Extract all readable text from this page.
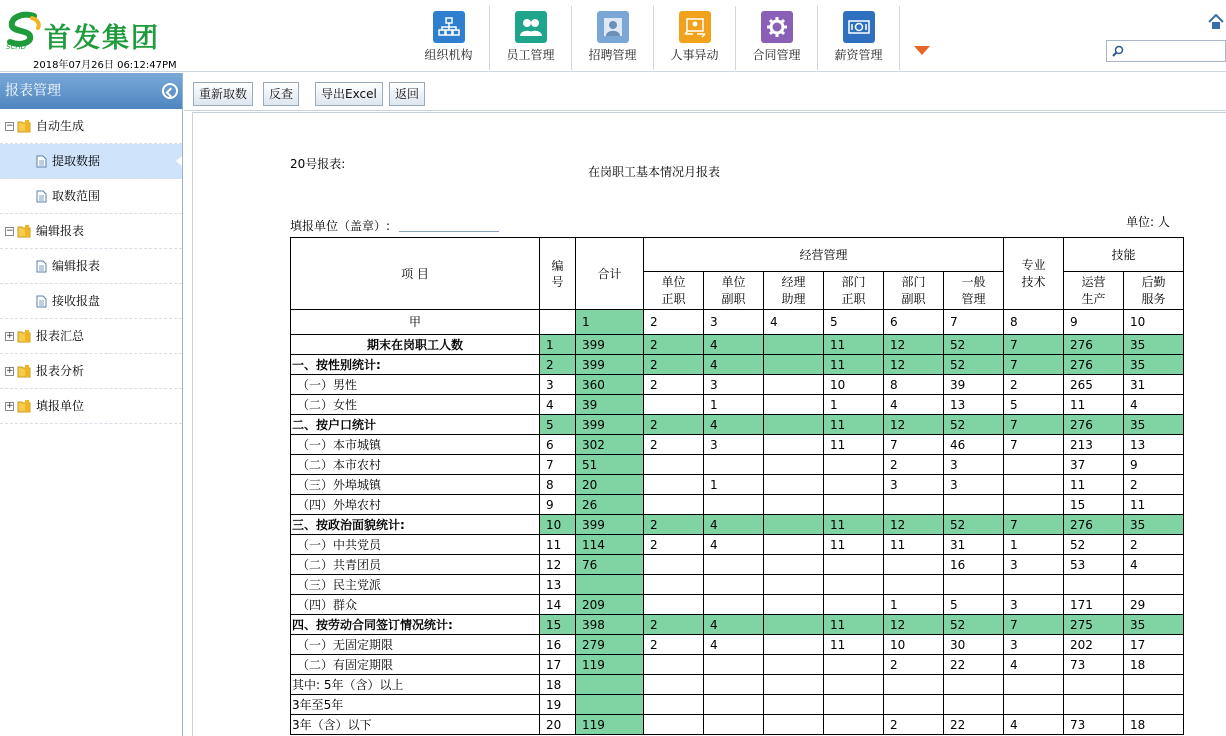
SCHD 首发集团
2018年07月26日 06:12:47PM
组织机构	员工管理	招聘管理	人事异动	合同管理	薪资管理
报表管理
− 自动生成
提取数据
取数范围
− 编辑报表
编辑报表
接收报盘
+ 报表汇总
+ 报表分析
+ 填报单位
重新取数	反查	导出Excel	返回
20号报表:
在岗职工基本情况月报表
填报单位（盖章）:	单位: 人
项 目	编号	合计	经营管理						专业技术	技能	
			单位正职	单位副职	经理助理	部门正职	部门副职	一般管理		运营生产	后勤服务
甲		1	2	3	4	5	6	7	8	9	10
期末在岗职工人数	1	399	2	4		11	12	52	7	276	35
一、按性别统计:	2	399	2	4		11	12	52	7	276	35
（一）男性	3	360	2	3		10	8	39	2	265	31
（二）女性	4	39		1		1	4	13	5	11	4
二、按户口统计	5	399	2	4		11	12	52	7	276	35
（一）本市城镇	6	302	2	3		11	7	46	7	213	13
（二）本市农村	7	51					2	3		37	9
（三）外埠城镇	8	20		1			3	3		11	2
（四）外埠农村	9	26								15	11
三、按政治面貌统计:	10	399	2	4		11	12	52	7	276	35
（一）中共党员	11	114	2	4		11	11	31	1	52	2
（二）共青团员	12	76						16	3	53	4
（三）民主党派	13										
（四）群众	14	209					1	5	3	171	29
四、按劳动合同签订情况统计:	15	398	2	4		11	12	52	7	275	35
（一）无固定期限	16	279	2	4		11	10	30	3	202	17
（二）有固定期限	17	119					2	22	4	73	18
其中: 5年（含）以上	18										
3年至5年	19										
3年（含）以下	20	119					2	22	4	73	18
